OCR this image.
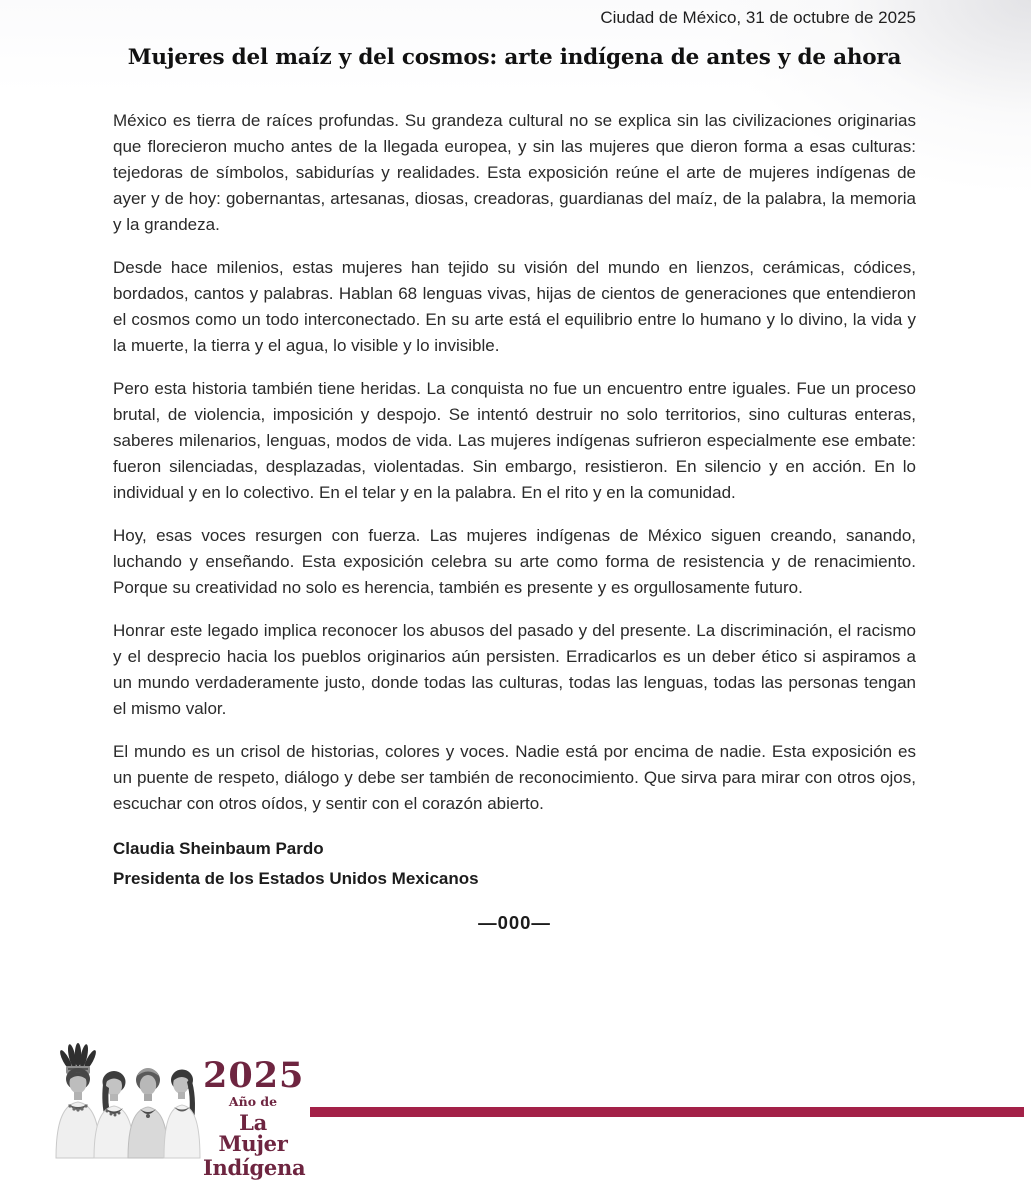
Ciudad de México, 31 de octubre de 2025
Mujeres del maíz y del cosmos: arte indígena de antes y de ahora

México es tierra de raíces profundas. Su grandeza cultural no se explica sin las civilizaciones originarias que florecieron mucho antes de la llegada europea, y sin las mujeres que dieron forma a esas culturas: tejedoras de símbolos, sabidurías y realidades. Esta exposición reúne el arte de mujeres indígenas de ayer y de hoy: gobernantas, artesanas, diosas, creadoras, guardianas del maíz, de la palabra, la memoria y la grandeza.

Desde hace milenios, estas mujeres han tejido su visión del mundo en lienzos, cerámicas, códices, bordados, cantos y palabras. Hablan 68 lenguas vivas, hijas de cientos de generaciones que entendieron el cosmos como un todo interconectado. En su arte está el equilibrio entre lo humano y lo divino, la vida y la muerte, la tierra y el agua, lo visible y lo invisible.

Pero esta historia también tiene heridas. La conquista no fue un encuentro entre iguales. Fue un proceso brutal, de violencia, imposición y despojo. Se intentó destruir no solo territorios, sino culturas enteras, saberes milenarios, lenguas, modos de vida. Las mujeres indígenas sufrieron especialmente ese embate: fueron silenciadas, desplazadas, violentadas. Sin embargo, resistieron. En silencio y en acción. En lo individual y en lo colectivo. En el telar y en la palabra. En el rito y en la comunidad.

Hoy, esas voces resurgen con fuerza. Las mujeres indígenas de México siguen creando, sanando, luchando y enseñando. Esta exposición celebra su arte como forma de resistencia y de renacimiento. Porque su creatividad no solo es herencia, también es presente y es orgullosamente futuro.

Honrar este legado implica reconocer los abusos del pasado y del presente. La discriminación, el racismo y el desprecio hacia los pueblos originarios aún persisten. Erradicarlos es un deber ético si aspiramos a un mundo verdaderamente justo, donde todas las culturas, todas las lenguas, todas las personas tengan el mismo valor.

El mundo es un crisol de historias, colores y voces. Nadie está por encima de nadie. Esta exposición es un puente de respeto, diálogo y debe ser también de reconocimiento. Que sirva para mirar con otros ojos, escuchar con otros oídos, y sentir con el corazón abierto.

Claudia Sheinbaum Pardo
Presidenta de los Estados Unidos Mexicanos
—000—
2025
Año de
La Mujer
Indígena
